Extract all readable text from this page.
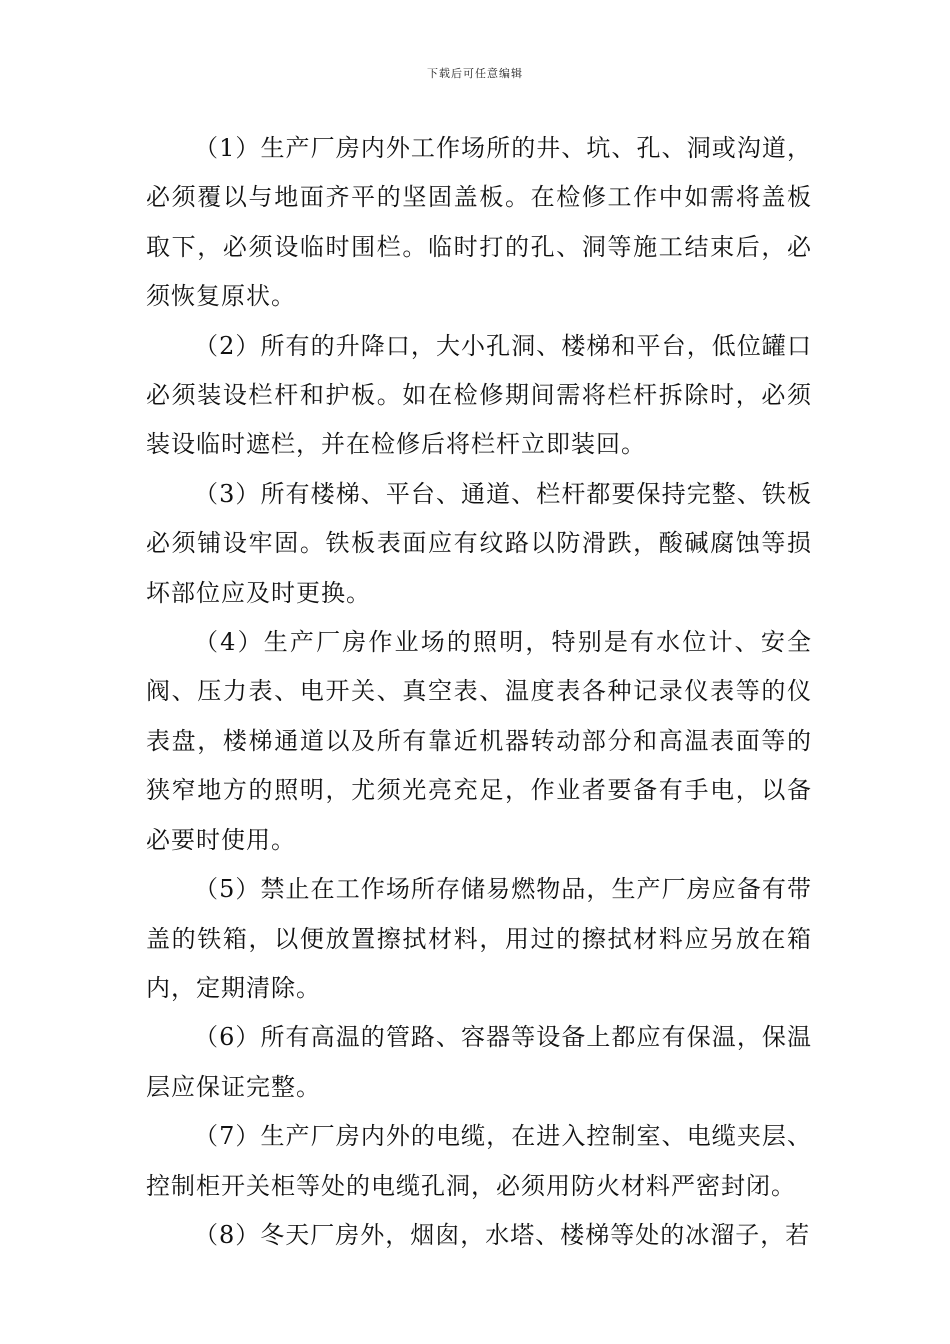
下载后可任意编辑

（1）生产厂房内外工作场所的井、坑、孔、洞或沟道，必须覆以与地面齐平的坚固盖板。在检修工作中如需将盖板取下，必须设临时围栏。临时打的孔、洞等施工结束后，必须恢复原状。

（2）所有的升降口，大小孔洞、楼梯和平台，低位罐口必须装设栏杆和护板。如在检修期间需将栏杆拆除时，必须装设临时遮栏，并在检修后将栏杆立即装回。

（3）所有楼梯、平台、通道、栏杆都要保持完整、铁板必须铺设牢固。铁板表面应有纹路以防滑跌，酸碱腐蚀等损坏部位应及时更换。

（4）生产厂房作业场的照明，特别是有水位计、安全阀、压力表、电开关、真空表、温度表各种记录仪表等的仪表盘，楼梯通道以及所有靠近机器转动部分和高温表面等的狭窄地方的照明，尤须光亮充足，作业者要备有手电，以备必要时使用。

（5）禁止在工作场所存储易燃物品，生产厂房应备有带盖的铁箱，以便放置擦拭材料，用过的擦拭材料应另放在箱内，定期清除。

（6）所有高温的管路、容器等设备上都应有保温，保温层应保证完整。

（7）生产厂房内外的电缆，在进入控制室、电缆夹层、控制柜开关柜等处的电缆孔洞，必须用防火材料严密封闭。

（8）冬天厂房外，烟囱，水塔、楼梯等处的冰溜子，若
